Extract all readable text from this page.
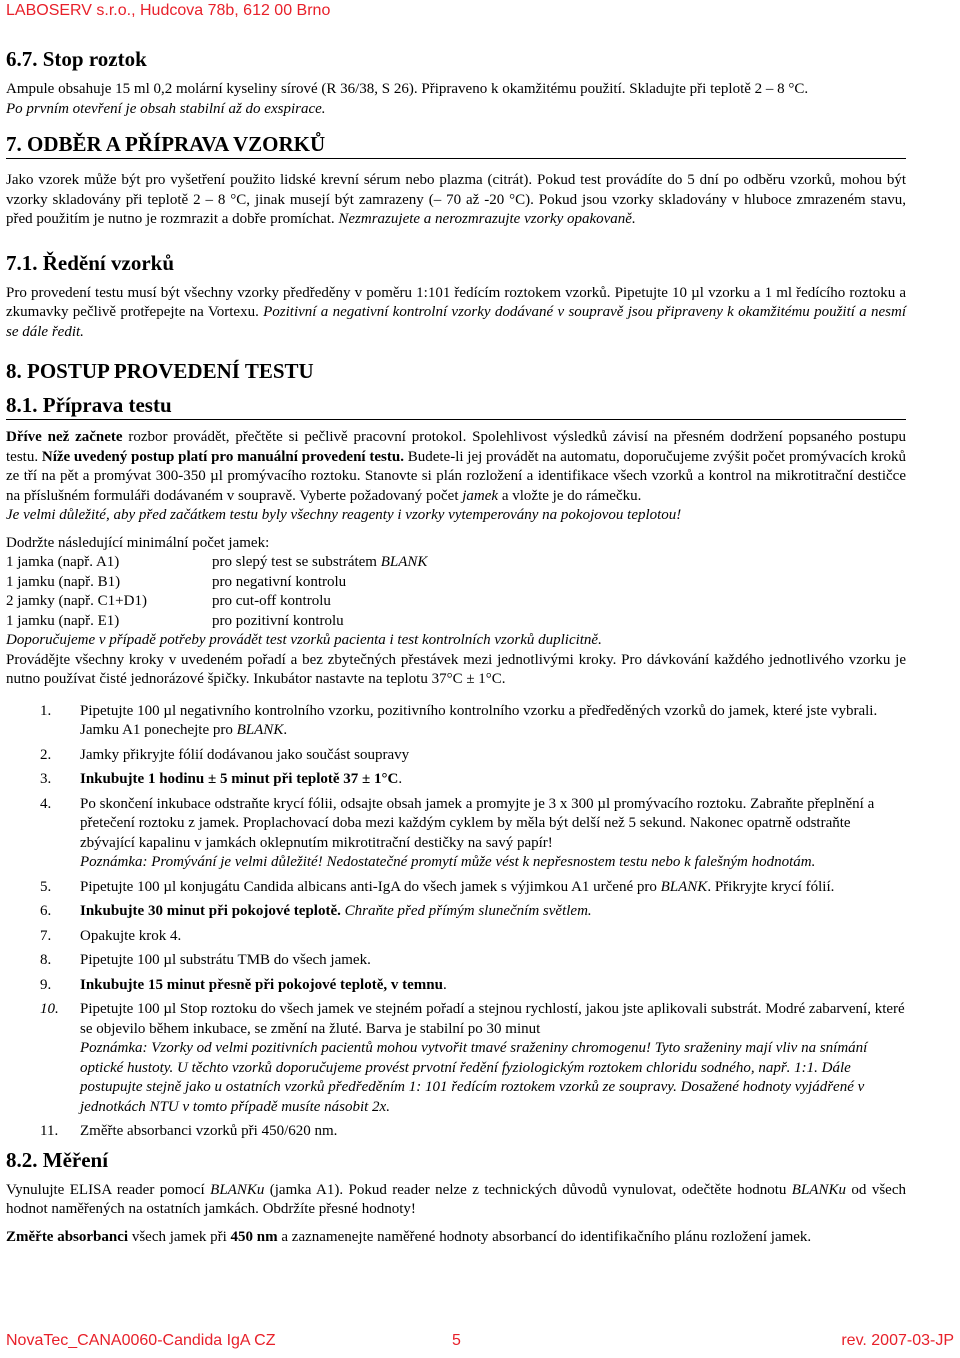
LABOSERV s.r.o., Hudcova 78b, 612 00 Brno
6.7. Stop roztok
Ampule obsahuje 15 ml 0,2 molární kyseliny sírové (R 36/38, S 26). Připraveno k okamžitému použití. Skladujte při teplotě 2 – 8 °C.
Po prvním otevření je obsah stabilní až do exspirace.
7. ODBĚR A PŘÍPRAVA VZORKŮ
Jako vzorek může být pro vyšetření použito lidské krevní sérum nebo plazma (citrát). Pokud test provádíte do 5 dní po odběru vzorků, mohou být vzorky skladovány při teplotě 2 – 8 °C, jinak musejí být zamrazeny (– 70 až -20 °C). Pokud jsou vzorky skladovány v hluboce zmrazeném stavu, před použitím je nutno je rozmrazit a dobře promíchat. Nezmrazujete a nerozmrazujte vzorky opakovaně.
7.1. Ředění vzorků
Pro provedení testu musí být všechny vzorky předředěny v poměru 1:101 ředícím roztokem vzorků. Pipetujte 10 µl vzorku a 1 ml ředícího roztoku a zkumavky pečlivě protřepejte na Vortexu. Pozitivní a negativní kontrolní vzorky dodávané v soupravě jsou připraveny k okamžitému použití a nesmí se dále ředit.
8. POSTUP PROVEDENÍ TESTU
8.1. Příprava testu
Dříve než začnete rozbor provádět, přečtěte si pečlivě pracovní protokol. Spolehlivost výsledků závisí na přesném dodržení popsaného postupu testu. Níže uvedený postup platí pro manuální provedení testu. Budete-li jej provádět na automatu, doporučujeme zvýšit počet promývacích kroků ze tří na pět a promývat 300-350 µl promývacího roztoku. Stanovte si plán rozložení a identifikace všech vzorků a kontrol na mikrotitrační destičce na příslušném formuláři dodávaném v soupravě. Vyberte požadovaný počet jamek a vložte je do rámečku.
Je velmi důležité, aby před začátkem testu byly všechny reagenty i vzorky vytemperovány na pokojovou teplotou!
Dodržte následující minimální počet jamek:
1 jamka (např. A1)	pro slepý test se substrátem BLANK
1 jamku (např. B1)	pro negativní kontrolu
2 jamky (např. C1+D1)	pro cut-off kontrolu
1 jamku (např. E1)	pro pozitivní kontrolu
Doporučujeme v případě potřeby provádět test vzorků pacienta i test kontrolních vzorků duplicitně.
Provádějte všechny kroky v uvedeném pořadí a bez zbytečných přestávek mezi jednotlivými kroky. Pro dávkování každého jednotlivého vzorku je nutno používat čisté jednorázové špičky. Inkubátor nastavte na teplotu 37°C ± 1°C.
1.	Pipetujte 100 µl negativního kontrolního vzorku, pozitivního kontrolního vzorku a předředěných vzorků do jamek, které jste vybrali. Jamku A1 ponechejte pro BLANK.
2.	Jamky přikryjte fólií dodávanou jako součást soupravy
3.	Inkubujte 1 hodinu ± 5 minut při teplotě 37 ± 1°C.
4.	Po skončení inkubace odstraňte krycí fólii, odsajte obsah jamek a promyjte je 3 x 300 µl promývacího roztoku. Zabraňte přeplnění a přetečení roztoku z jamek. Proplachovací doba mezi každým cyklem by měla být delší než 5 sekund. Nakonec opatrně odstraňte zbývající kapalinu v jamkách oklepnutím mikrotitrační destičky na savý papír!
Poznámka: Promývání je velmi důležité! Nedostatečné promytí může vést k nepřesnostem testu nebo k falešným hodnotám.
5.	Pipetujte 100 µl konjugátu Candida albicans anti-IgA do všech jamek s výjimkou A1 určené pro BLANK. Přikryjte krycí fólií.
6.	Inkubujte 30 minut při pokojové teplotě. Chraňte před přímým slunečním světlem.
7.	Opakujte krok 4.
8.	Pipetujte 100 µl substrátu TMB do všech jamek.
9.	Inkubujte 15 minut přesně při pokojové teplotě, v temnu.
10.	Pipetujte 100 µl Stop roztoku do všech jamek ve stejném pořadí a stejnou rychlostí, jakou jste aplikovali substrát. Modré zabarvení, které se objevilo během inkubace, se změní na žluté. Barva je stabilní po 30 minut
Poznámka: Vzorky od velmi pozitivních pacientů mohou vytvořit tmavé sraženiny chromogenu! Tyto sraženiny mají vliv na snímání optické hustoty. U těchto vzorků doporučujeme provést prvotní ředění fyziologickým roztokem chloridu sodného, např. 1:1. Dále postupujte stejně jako u ostatních vzorků předředěním 1: 101 ředícím roztokem vzorků ze soupravy. Dosažené hodnoty vyjádřené v jednotkách NTU v tomto případě musíte násobit 2x.
11.	Změřte absorbanci vzorků při 450/620 nm.
8.2. Měření
Vynulujte ELISA reader pomocí BLANKu (jamka A1). Pokud reader nelze z technických důvodů vynulovat, odečtěte hodnotu BLANKu od všech hodnot naměřených na ostatních jamkách. Obdržíte přesné hodnoty!
Změřte absorbanci všech jamek při 450 nm a zaznamenejte naměřené hodnoty absorbancí do identifikačního plánu rozložení jamek.
NovaTec_CANA0060-Candida IgA CZ	5	rev. 2007-03-JP
